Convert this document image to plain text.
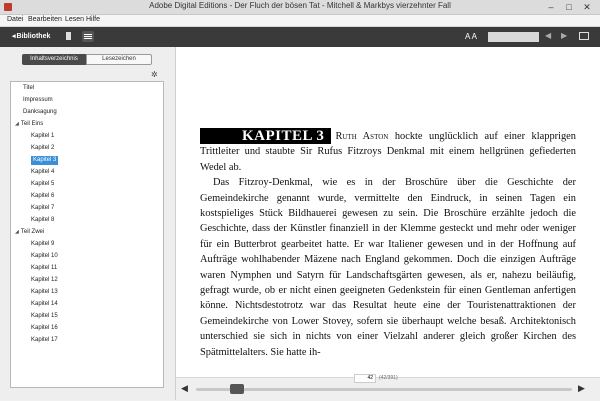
Adobe Digital Editions - Der Fluch der bösen Tat - Mitchell & Markbys vierzehnter Fall	–	□	✕
Datei Bearbeiten Lesen Hilfe
◂Bibliothek	A A	◀ ▶
Inhaltsverzeichnis	Lesezeichen
✲
Titel
Impressum
Danksagung
◢ Teil Eins
Kapitel 1
Kapitel 2
Kapitel 3
Kapitel 4
Kapitel 5
Kapitel 6
Kapitel 7
Kapitel 8
◢ Teil Zwei
Kapitel 9
Kapitel 10
Kapitel 11
Kapitel 12
Kapitel 13
Kapitel 14
Kapitel 15
Kapitel 16
Kapitel 17

KAPITEL 3 Ruth Aston hockte unglücklich auf einer klapprigen Trittleiter und staubte Sir Rufus Fitzroys Denkmal mit einem hellgrünen gefiederten Wedel ab.

Das Fitzroy-Denkmal, wie es in der Broschüre über die Geschichte der Gemeindekirche genannt wurde, vermittelte den Eindruck, in seinen Tagen ein kostspieliges Stück Bildhauerei gewesen zu sein. Die Broschüre erzählte jedoch die Geschichte, dass der Künstler finanziell in der Klemme gesteckt und mehr oder weniger für ein Butterbrot gearbeitet hatte. Er war Italiener gewesen und in der Hoffnung auf Aufträge wohlhabender Mäzene nach England gekommen. Doch die einzigen Aufträge waren Nymphen und Satyrn für Landschaftsgärten gewesen, als er, nahezu beiläufig, gefragt wurde, ob er nicht einen geeigneten Gedenkstein für einen Gentleman anfertigen könne. Nichtsdestotrotz war das Resultat heute eine der Touristenattraktionen der Gemeindekirche von Lower Stovey, sofern sie überhaupt welche besaß. Architektonisch unterschied sie sich in nichts von einer Vielzahl anderer gleich großer Kirchen des Spätmittelalters. Sie hatte ih-

42	(42/391)
◀	▶
